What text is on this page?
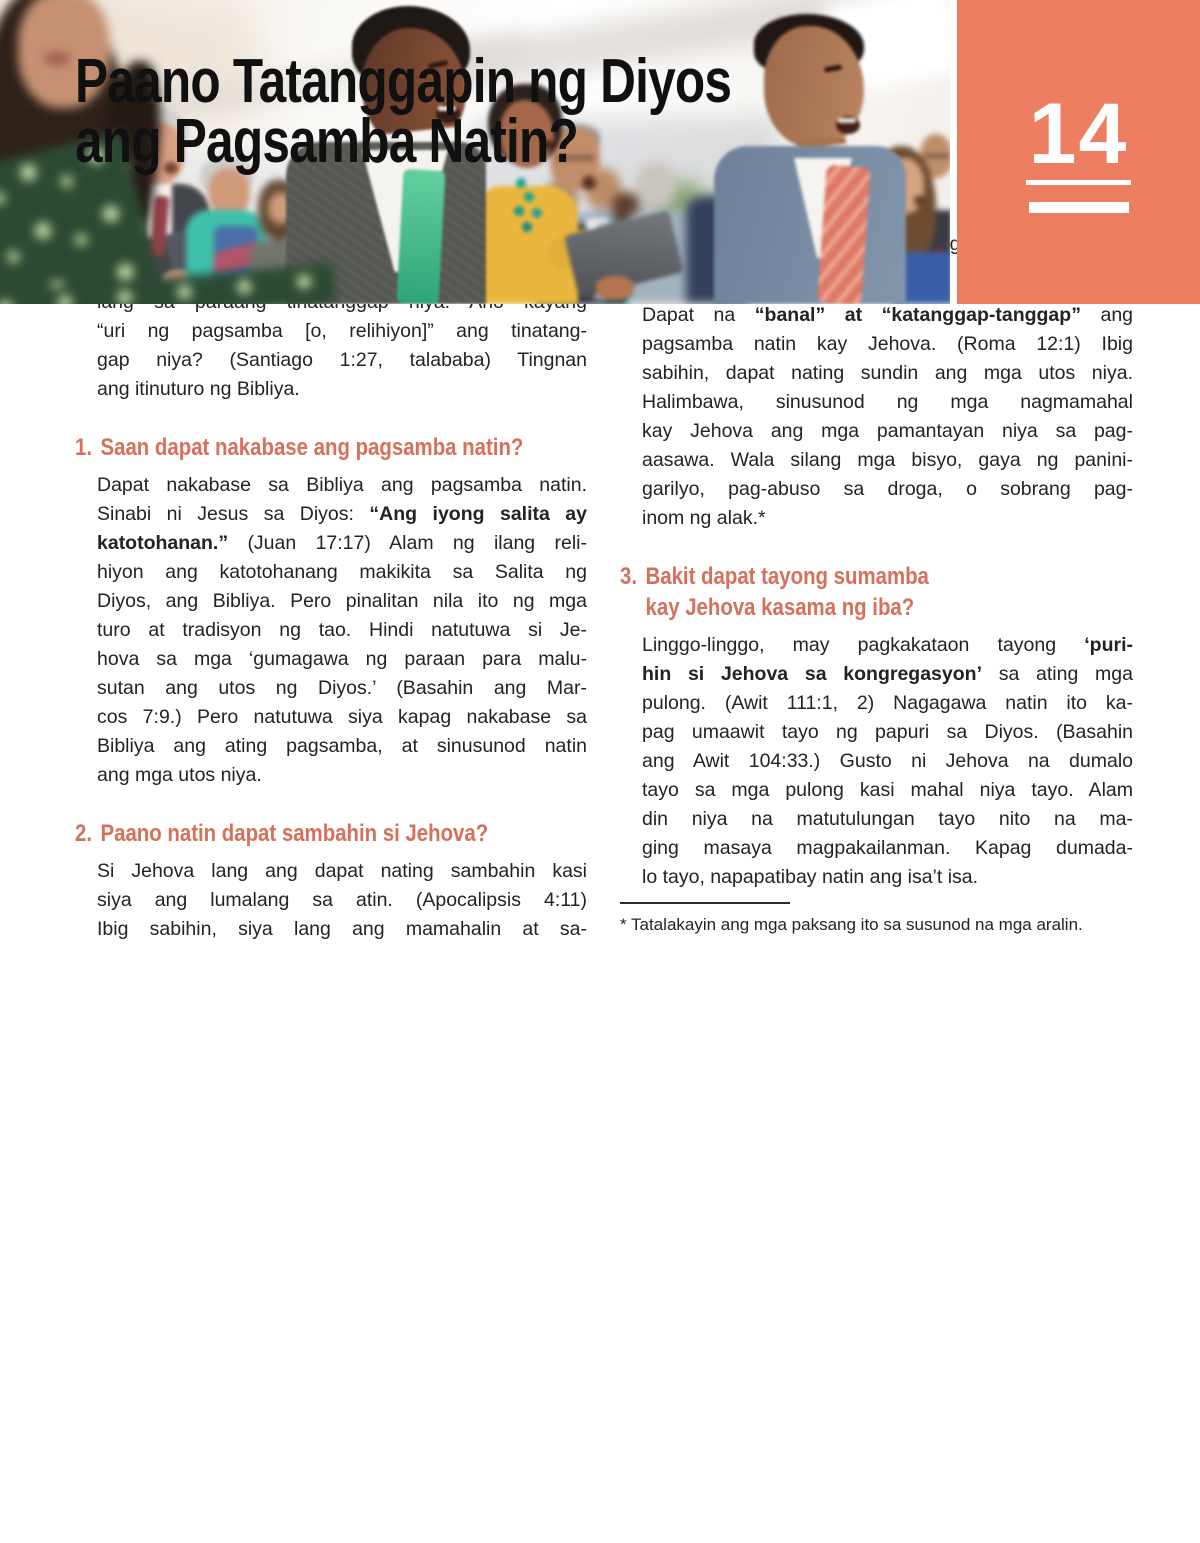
14
Paano Tatanggapin ng Diyos
ang Pagsamba Natin?
“uri ng pagsamba [o, relihiyon]” ang tinatang-
gap niya? (Santiago 1:27, talababa) Tingnan
ang itinuturo ng Bibliya.
1. Saan dapat nakabase ang pagsamba natin?
Dapat nakabase sa Bibliya ang pagsamba natin.
Sinabi ni Jesus sa Diyos: “Ang iyong salita ay
katotohanan.” (Juan 17:17) Alam ng ilang reli-
hiyon ang katotohanang makikita sa Salita ng
Diyos, ang Bibliya. Pero pinalitan nila ito ng mga
turo at tradisyon ng tao. Hindi natutuwa si Je-
hova sa mga ‘gumagawa ng paraan para malu-
sutan ang utos ng Diyos.’ (Basahin ang Mar-
cos 7:9.) Pero natutuwa siya kapag nakabase sa
Bibliya ang ating pagsamba, at sinusunod natin
ang mga utos niya.
2. Paano natin dapat sambahin si Jehova?
Si Jehova lang ang dapat nating sambahin kasi
siya ang lumalang sa atin. (Apocalipsis 4:11)
Ibig sabihin, siya lang ang mamahalin at sa-
Dapat na “banal” at “katanggap-tanggap” ang
pagsamba natin kay Jehova. (Roma 12:1) Ibig
sabihin, dapat nating sundin ang mga utos niya.
Halimbawa, sinusunod ng mga nagmamahal
kay Jehova ang mga pamantayan niya sa pag-
aasawa. Wala silang mga bisyo, gaya ng panini-
garilyo, pag-abuso sa droga, o sobrang pag-
inom ng alak.*
3. Bakit dapat tayong sumamba
kay Jehova kasama ng iba?
Linggo-linggo, may pagkakataon tayong ‘puri-
hin si Jehova sa kongregasyon’ sa ating mga
pulong. (Awit 111:1, 2) Nagagawa natin ito ka-
pag umaawit tayo ng papuri sa Diyos. (Basahin
ang Awit 104:33.) Gusto ni Jehova na dumalo
tayo sa mga pulong kasi mahal niya tayo. Alam
din niya na matutulungan tayo nito na ma-
ging masaya magpakailanman. Kapag dumada-
lo tayo, napapatibay natin ang isa’t isa.
* Tatalakayin ang mga paksang ito sa susunod na mga aralin.
